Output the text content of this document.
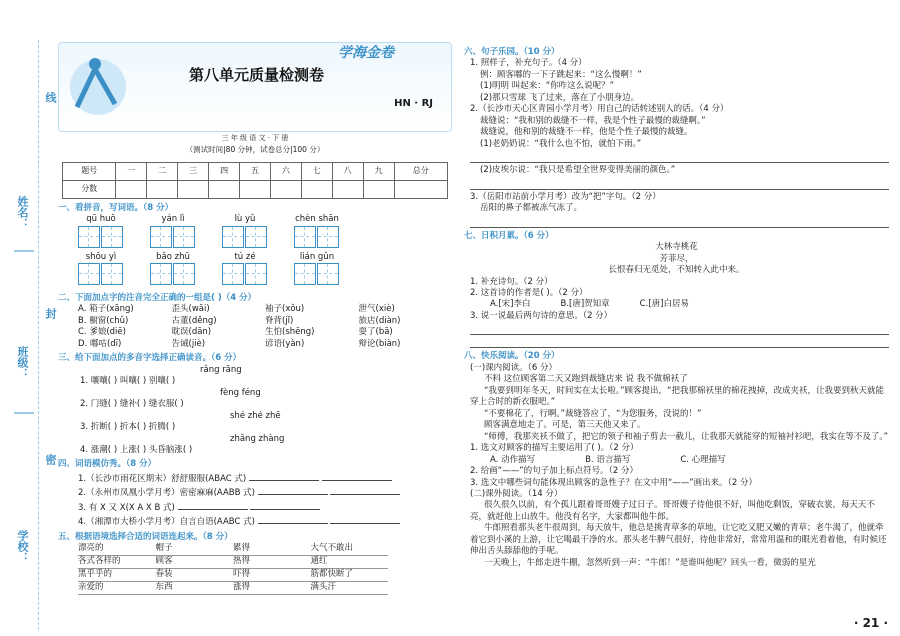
线
姓名：
封
班级：
密
学校：
第八单元质量检测卷
HN · RJ
三 年 级 语 文 · 下 册
（测试时间|80 分钟，试卷总分|100 分）
题号	一	二	三	四	五	六	七	八	九	总分
分数										
一、看拼音，写词语。（8 分）
qū huǒ	yán lì	lù yǔ	chèn shān

shǒu yì	bǎo zhū	tú zé	lián gǔn
二、下面加点字的注音完全正确的一组是( )（4 分）
A. 箱子(xāng)	歪头(wāi)	袖子(xǒu)	泄气(xiè)
B. 橱窗(chǔ)	古董(děng)	脊背(jǐ)	旅店(diàn)
C. 爹娘(diē)	耽误(dān)	生怕(shēng)	耍了(bā)
D. 嘟咕(dī)	告诫(jiè)	谚语(yàn)	辩论(biàn)
三、给下面加点的多音字选择正确读音。（6 分）
rǎng rāng
1. 嚷嚷( ) 叫嚷( ) 别嚷( )
fèng féng
2. 门缝( ) 缝补( ) 缝衣服( )
shé zhé zhē
3. 折断( ) 折本( ) 折腾( )
zhǎng zhàng
4. 涨潮( ) 上涨( ) 头昏脑涨( )
四、词语模仿秀。（8 分）
1.（长沙市雨花区期末）舒舒服服(ABAC 式)
2.（永州市凤凰小学月考）密密麻麻(AABB 式)
3. 有 X 又 X(X A X B 式)
4.（湘潭市大桥小学月考）自言自语(AABC 式)
五、根据语境选择合适的词语连起来。（8 分）
漂亮的	帽子	累得	大气不敢出
各式各样的	顾客	热得	通红
黑乎乎的	春装	吓得	筋都快断了
亲爱的	东西	涨得	满头汗
六、句子乐园。（10 分）
1. 照样子，补充句子。（4 分）
例：顾客嘟的一下子跳起来：“这么慢啊！”
(1)明明 叫起来：“你咋这么说呢？”
(2)那只雪球 飞了过来，落在了小朋身边。
2.（长沙市天心区青园小学月考）用自己的话转述别人的话。（4 分）
裁缝说：“我和别的裁缝不一样，我是个性子最慢的裁缝啊。”
裁缝说，他和别的裁缝不一样，他是个性子最慢的裁缝。
(1)老奶奶说：“我什么也不怕，就怕下雨。”
(2)皮埃尔说：“我只是希望全世界变得美丽的颜色。”
3.（岳阳市站前小学月考）改为“把”字句。（2 分）
岳阳的鼻子都被冻气冻了。
七、日积月累。（6 分）
大林寺桃花
芳菲尽，
长恨春归无觅处，不知转入此中来。
1. 补充诗句。（2 分）
2. 这首诗的作者是( )。（2 分）
A.[宋]李白	B.[唐]贺知章	C.[唐]白居易
3. 说一说最后两句诗的意思。（2 分）
八、快乐阅读。（20 分）
(一)课内阅读。（6 分）
不料 这位顾客第二天又跑到裁缝店来 说 我不做棉袄了
“我要到明年冬天，时间实在太长啦。”顾客提出，“把我那棉袄里的棉花拽掉，改成夹袄，让我要到秋天就能穿上合时的新衣服吧。”
“不要棉花了，行啊。”裁缝答应了，“为您服务，没说的！”
顾客满意地走了。可是，第三天他又来了。
“师傅，我那夹袄不做了，把它的领子和袖子剪去一截儿，让我那天就能穿的短袖衬衫吧，我实在等不及了。”
1. 选文对顾客的描写主要运用了( )。（2 分）
A. 动作描写	B. 语言描写	C. 心理描写
2. 给画“——”的句子加上标点符号。（2 分）
3. 选文中哪些词句能体现出顾客的急性子？在文中用“——”画出来。（2 分）
(二)课外阅读。（14 分）
很久很久以前，有个孤儿跟着哥哥嫂子过日子。哥哥嫂子待他很不好，叫他吃剩饭，穿破衣裳，每天天不亮，就赶他上山放牛。他没有名字，大家都叫他牛郎。
牛郎照看那头老牛很周到，每天放牛，他总是挑青草多的草地，让它吃又肥又嫩的青草；老牛渴了，他就牵着它到小溪的上游，让它喝最干净的水。那头老牛脾气很好，待他非常好，常常用温和的眼光看着他，有时候还伸出舌头舔舔他的手呢。
一天晚上，牛郎走进牛棚，忽然听到一声：“牛郎！”是谁叫他呢？回头一看，微弱的星光
学海金卷
· 21 ·
